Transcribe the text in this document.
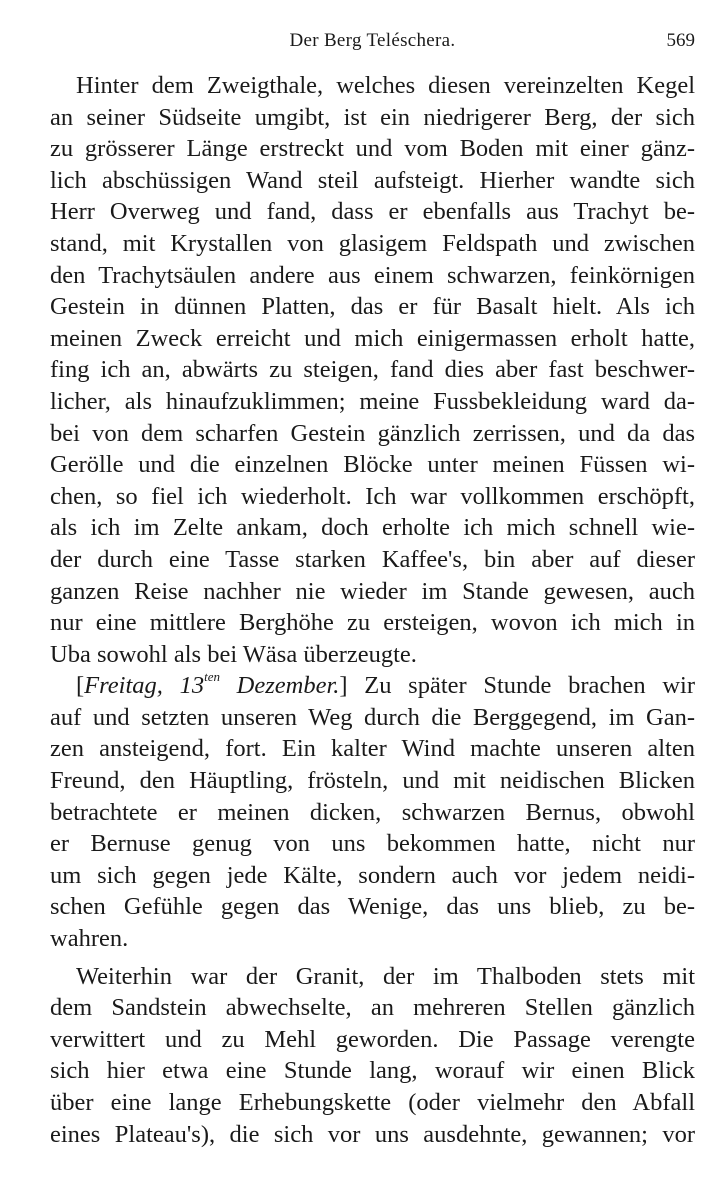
Der Berg Teléschera.	569
Hinter dem Zweigthale, welches diesen vereinzelten Kegel
an seiner Südseite umgibt, ist ein niedrigerer Berg, der sich
zu grösserer Länge erstreckt und vom Boden mit einer gänz-
lich abschüssigen Wand steil aufsteigt. Hierher wandte sich
Herr Overweg und fand, dass er ebenfalls aus Trachyt be-
stand, mit Krystallen von glasigem Feldspath und zwischen
den Trachytsäulen andere aus einem schwarzen, feinkörnigen
Gestein in dünnen Platten, das er für Basalt hielt. Als ich
meinen Zweck erreicht und mich einigermassen erholt hatte,
fing ich an, abwärts zu steigen, fand dies aber fast beschwer-
licher, als hinaufzuklimmen; meine Fussbekleidung ward da-
bei von dem scharfen Gestein gänzlich zerrissen, und da das
Gerölle und die einzelnen Blöcke unter meinen Füssen wi-
chen, so fiel ich wiederholt. Ich war vollkommen erschöpft,
als ich im Zelte ankam, doch erholte ich mich schnell wie-
der durch eine Tasse starken Kaffee's, bin aber auf dieser
ganzen Reise nachher nie wieder im Stande gewesen, auch
nur eine mittlere Berghöhe zu ersteigen, wovon ich mich in
Uba sowohl als bei Wäsa überzeugte.
[Freitag, $13^{ten}$ Dezember.] Zu später Stunde brachen wir
auf und setzten unseren Weg durch die Berggegend, im Gan-
zen ansteigend, fort. Ein kalter Wind machte unseren alten
Freund, den Häuptling, frösteln, und mit neidischen Blicken
betrachtete er meinen dicken, schwarzen Bernus, obwohl
er Bernuse genug von uns bekommen hatte, nicht nur
um sich gegen jede Kälte, sondern auch vor jedem neidi-
schen Gefühle gegen das Wenige, das uns blieb, zu be-
wahren.
Weiterhin war der Granit, der im Thalboden stets mit
dem Sandstein abwechselte, an mehreren Stellen gänzlich
verwittert und zu Mehl geworden. Die Passage verengte
sich hier etwa eine Stunde lang, worauf wir einen Blick
über eine lange Erhebungskette (oder vielmehr den Abfall
eines Plateau's), die sich vor uns ausdehnte, gewannen; vor
